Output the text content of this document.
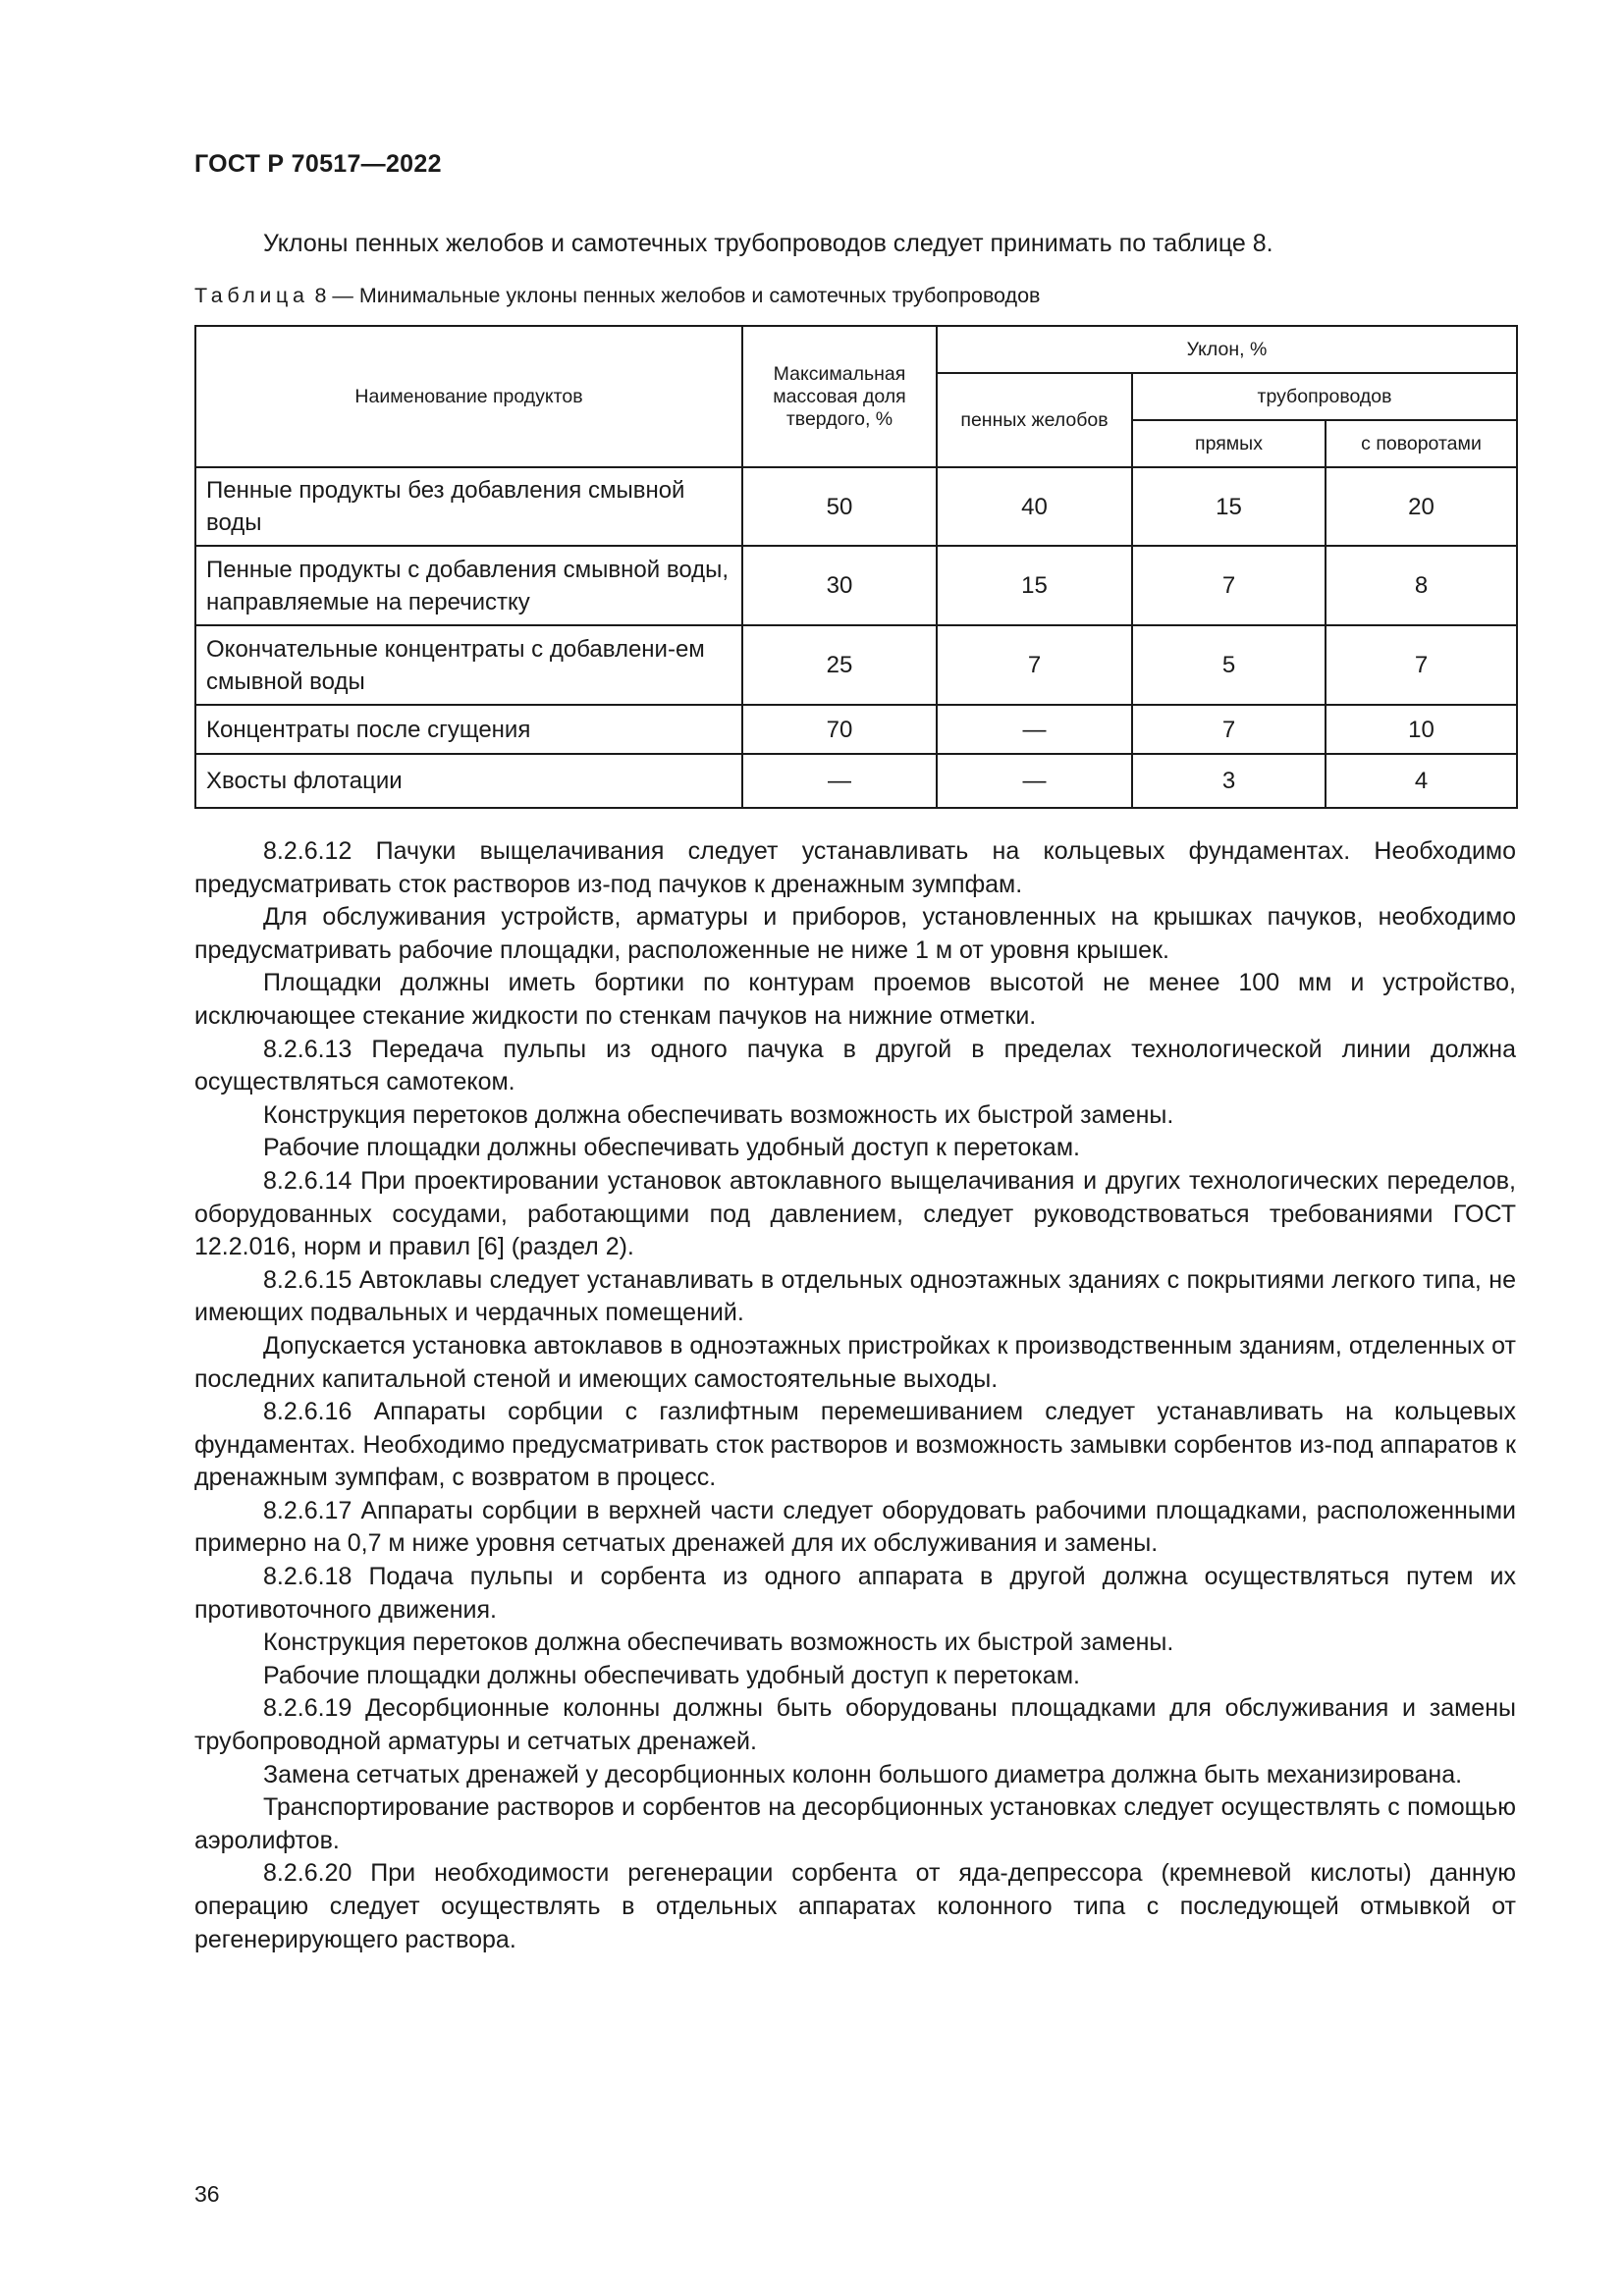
ГОСТ Р 70517—2022
Уклоны пенных желобов и самотечных трубопроводов следует принимать по таблице 8.
Таблица 8 — Минимальные уклоны пенных желобов и самотечных трубопроводов
Наименование продуктов	Максимальная массовая доля твердого, %	Уклон, %		
		пенных желобов	трубопроводов	
			прямых	с поворотами
Пенные продукты без добавления смывной воды	50	40	15	20
Пенные продукты с добавления смывной воды, направляемые на перечистку	30	15	7	8
Окончательные концентраты с добавлени-ем смывной воды	25	7	5	7
Концентраты после сгущения	70	—	7	10
Хвосты флотации	—	—	3	4

8.2.6.12 Пачуки выщелачивания следует устанавливать на кольцевых фундаментах. Необходимо предусматривать сток растворов из-под пачуков к дренажным зумпфам.

Для обслуживания устройств, арматуры и приборов, установленных на крышках пачуков, необходимо предусматривать рабочие площадки, расположенные не ниже 1 м от уровня крышек.

Площадки должны иметь бортики по контурам проемов высотой не менее 100 мм и устройство, исключающее стекание жидкости по стенкам пачуков на нижние отметки.

8.2.6.13 Передача пульпы из одного пачука в другой в пределах технологической линии должна осуществляться самотеком.

Конструкция перетоков должна обеспечивать возможность их быстрой замены.

Рабочие площадки должны обеспечивать удобный доступ к перетокам.

8.2.6.14 При проектировании установок автоклавного выщелачивания и других технологических переделов, оборудованных сосудами, работающими под давлением, следует руководствоваться требованиями ГОСТ 12.2.016, норм и правил [6] (раздел 2).

8.2.6.15 Автоклавы следует устанавливать в отдельных одноэтажных зданиях с покрытиями легкого типа, не имеющих подвальных и чердачных помещений.

Допускается установка автоклавов в одноэтажных пристройках к производственным зданиям, отделенных от последних капитальной стеной и имеющих самостоятельные выходы.

8.2.6.16 Аппараты сорбции с газлифтным перемешиванием следует устанавливать на кольцевых фундаментах. Необходимо предусматривать сток растворов и возможность замывки сорбентов из-под аппаратов к дренажным зумпфам, с возвратом в процесс.

8.2.6.17 Аппараты сорбции в верхней части следует оборудовать рабочими площадками, расположенными примерно на 0,7 м ниже уровня сетчатых дренажей для их обслуживания и замены.

8.2.6.18 Подача пульпы и сорбента из одного аппарата в другой должна осуществляться путем их противоточного движения.

Конструкция перетоков должна обеспечивать возможность их быстрой замены.

Рабочие площадки должны обеспечивать удобный доступ к перетокам.

8.2.6.19 Десорбционные колонны должны быть оборудованы площадками для обслуживания и замены трубопроводной арматуры и сетчатых дренажей.

Замена сетчатых дренажей у десорбционных колонн большого диаметра должна быть механизирована.

Транспортирование растворов и сорбентов на десорбционных установках следует осуществлять с помощью аэролифтов.

8.2.6.20 При необходимости регенерации сорбента от яда-депрессора (кремневой кислоты) данную операцию следует осуществлять в отдельных аппаратах колонного типа с последующей отмывкой от регенерирующего раствора.

36
